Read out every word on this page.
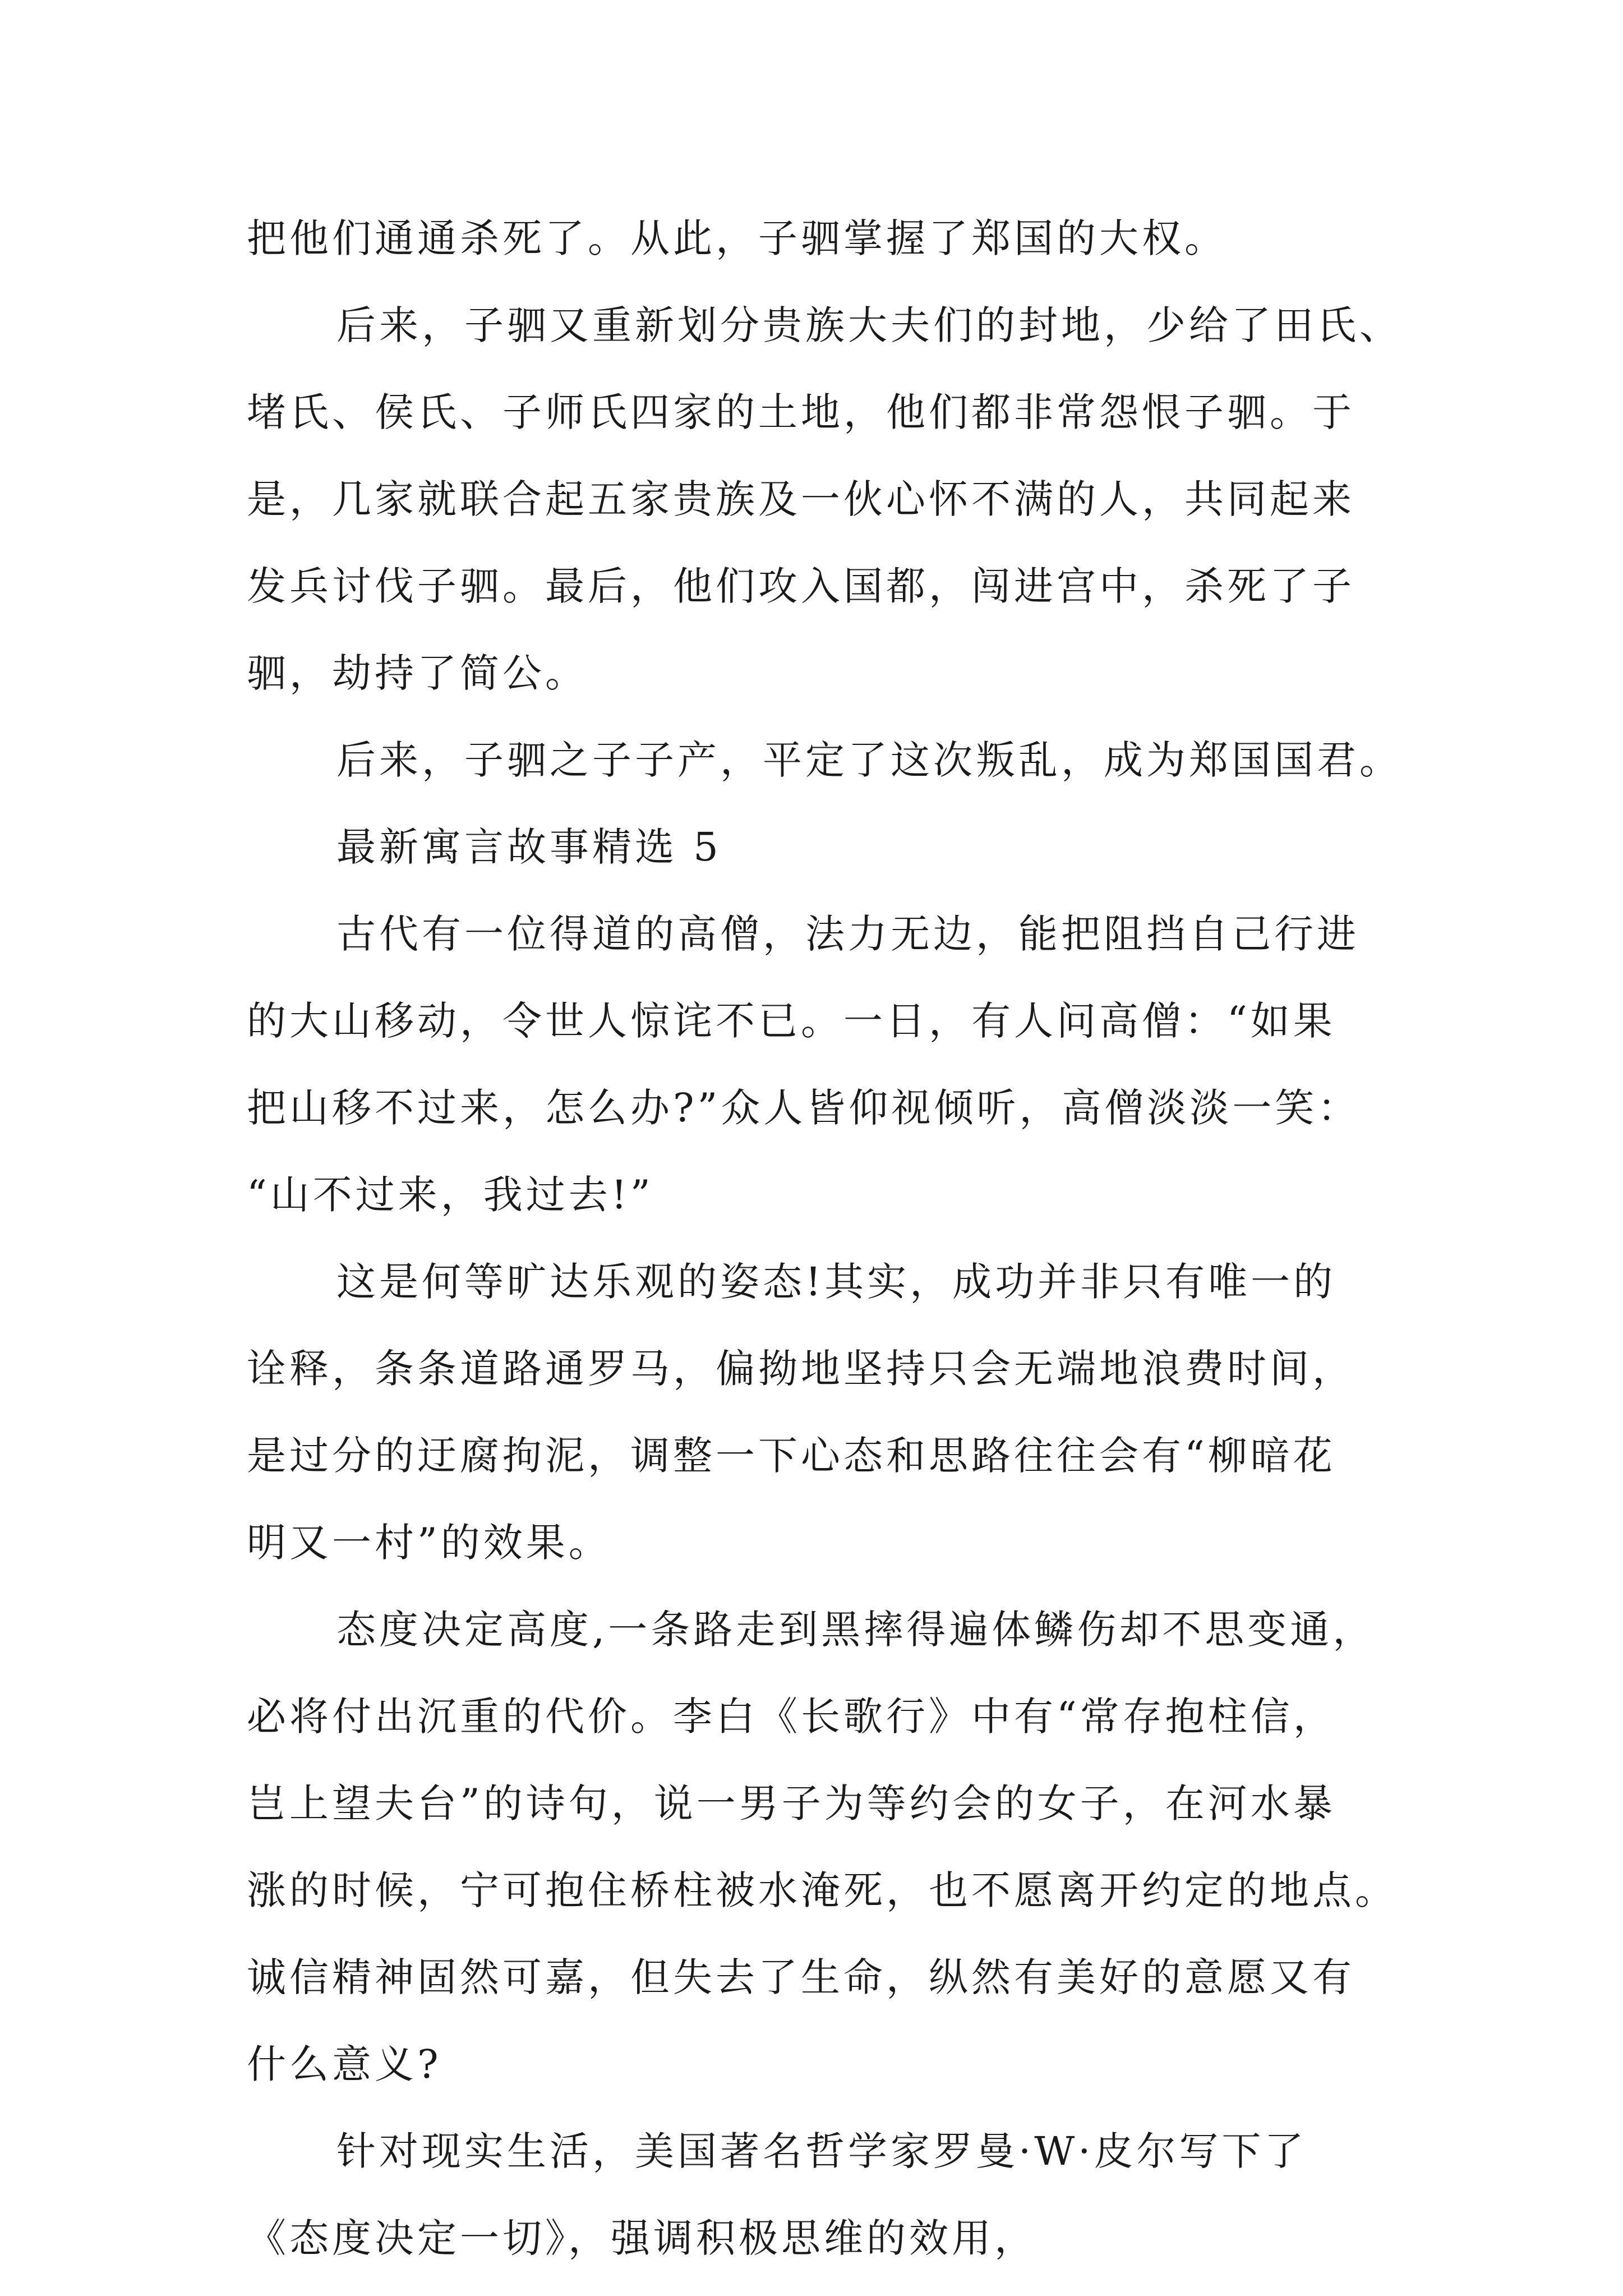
把他们通通杀死了。从此，子驷掌握了郑国的大权。
后来，子驷又重新划分贵族大夫们的封地，少给了田氏、
堵氏、侯氏、子师氏四家的土地，他们都非常怨恨子驷。于
是，几家就联合起五家贵族及一伙心怀不满的人，共同起来
发兵讨伐子驷。最后，他们攻入国都，闯进宫中，杀死了子
驷，劫持了简公。
后来，子驷之子子产，平定了这次叛乱，成为郑国国君。
最新寓言故事精选 5
古代有一位得道的高僧，法力无边，能把阻挡自己行进
的大山移动，令世人惊诧不已。一日，有人问高僧：“如果
把山移不过来，怎么办?”众人皆仰视倾听，高僧淡淡一笑：
“山不过来，我过去!”
这是何等旷达乐观的姿态!其实，成功并非只有唯一的
诠释，条条道路通罗马，偏拗地坚持只会无端地浪费时间，
是过分的迂腐拘泥，调整一下心态和思路往往会有“柳暗花
明又一村”的效果。
态度决定高度,一条路走到黑摔得遍体鳞伤却不思变通，
必将付出沉重的代价。李白《长歌行》中有“常存抱柱信，
岂上望夫台”的诗句，说一男子为等约会的女子，在河水暴
涨的时候，宁可抱住桥柱被水淹死，也不愿离开约定的地点。
诚信精神固然可嘉，但失去了生命，纵然有美好的意愿又有
什么意义?
针对现实生活，美国著名哲学家罗曼·W·皮尔写下了
《态度决定一切》，强调积极思维的效用，
